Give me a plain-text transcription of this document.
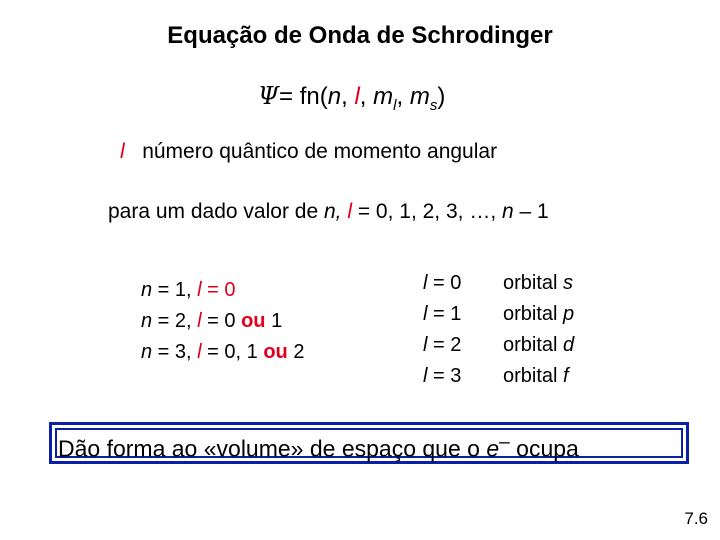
Equação de Onda de Schrodinger
Ψ= fn(n, l, $m_l$, $m_s$)
l número quântico de momento angular
para um dado valor de n, l = 0, 1, 2, 3, …, n – 1
n = 1, l = 0
n = 2, l = 0 ou 1
n = 3, l = 0, 1 ou 2
l = 0	orbital s
l = 1	orbital p
l = 2	orbital d
l = 3	orbital f
Dão forma ao «volume» de espaço que o e– ocupa
7.6
